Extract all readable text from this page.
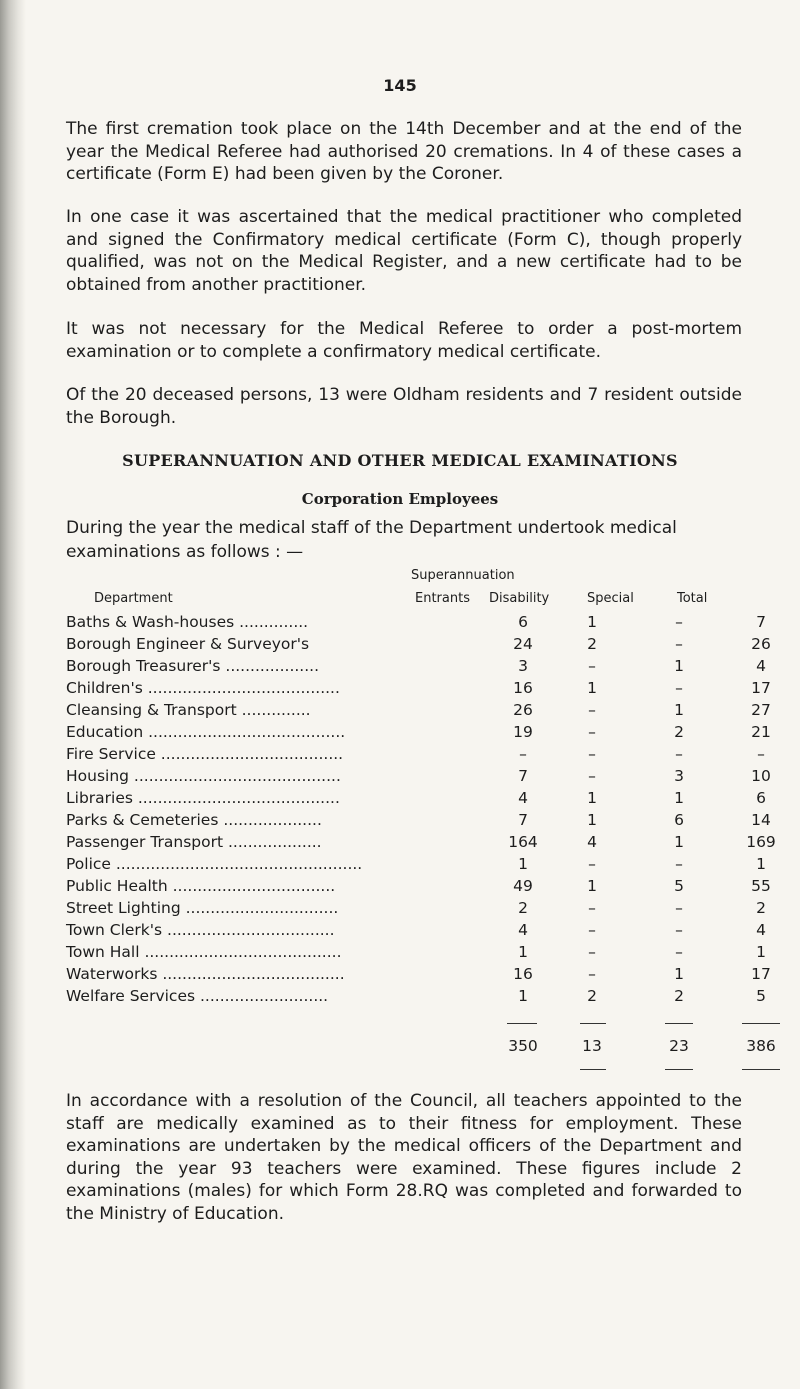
145

The first cremation took place on the 14th December and at the end of the year the Medical Referee had authorised 20 cremations. In 4 of these cases a certificate (Form E) had been given by the Coroner.

In one case it was ascertained that the medical practitioner who completed and signed the Confirmatory medical certificate (Form C), though properly qualified, was not on the Medical Register, and a new certificate had to be obtained from another practitioner.

It was not necessary for the Medical Referee to order a post-mortem examination or to complete a confirmatory medical certificate.

Of the 20 deceased persons, 13 were Oldham residents and 7 resident outside the Borough.

SUPERANNUATION AND OTHER MEDICAL EXAMINATIONS
Corporation Employees

During the year the medical staff of the Department undertook medical examinations as follows : —

Superannuation
Department	Entrants Disability	Special	Total
Baths & Wash-houses ..............	6	1	–	7
Borough Engineer & Surveyor's	24	2	–	26
Borough Treasurer's ...................	3	–	1	4
Children's .......................................	16	1	–	17
Cleansing & Transport ..............	26	–	1	27
Education ........................................	19	–	2	21
Fire Service .....................................	–	–	–	–
Housing ..........................................	7	–	3	10
Libraries .........................................	4	1	1	6
Parks & Cemeteries ....................	7	1	6	14
Passenger Transport ...................	164	4	1	169
Police ..................................................	1	–	–	1
Public Health .................................	49	1	5	55
Street Lighting ...............................	2	–	–	2
Town Clerk's ..................................	4	–	–	4
Town Hall ........................................	1	–	–	1
Waterworks .....................................	16	–	1	17
Welfare Services ..........................	1	2	2	5
350	13	23	386

In accordance with a resolution of the Council, all teachers appointed to the staff are medically examined as to their fitness for employment. These examinations are undertaken by the medical officers of the Department and during the year 93 teachers were examined. These figures include 2 examinations (males) for which Form 28.RQ was completed and forwarded to the Ministry of Education.
